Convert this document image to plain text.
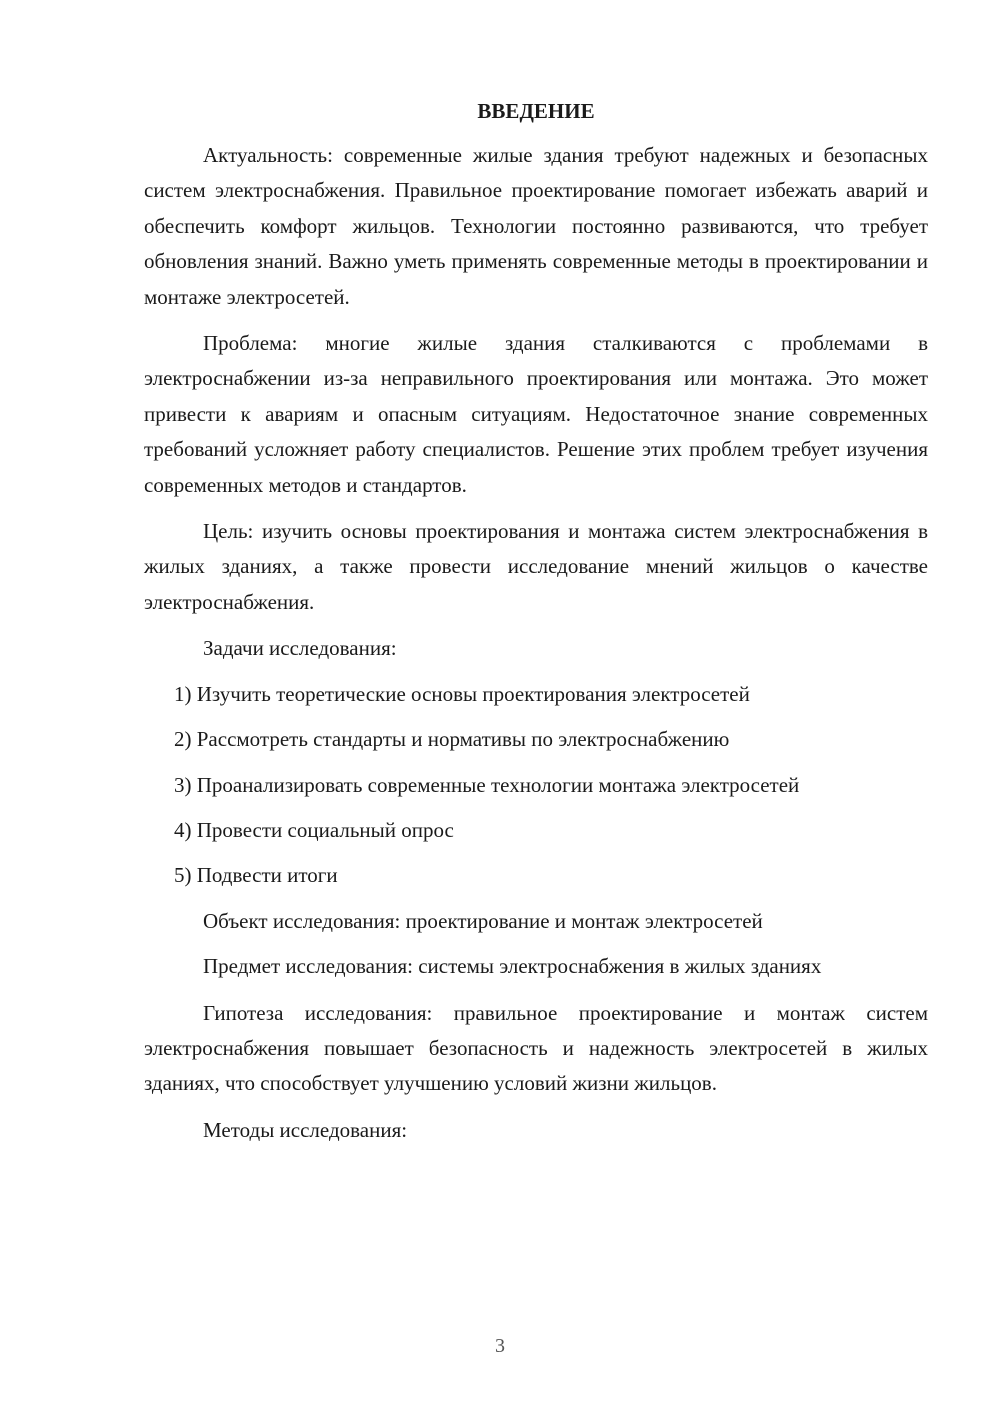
ВВЕДЕНИЕ

Актуальность: современные жилые здания требуют надежных и безопасных систем электроснабжения. Правильное проектирование помогает избежать аварий и обеспечить комфорт жильцов. Технологии постоянно развиваются, что требует обновления знаний. Важно уметь применять современные методы в проектировании и монтаже электросетей.

Проблема: многие жилые здания сталкиваются с проблемами в электроснабжении из-за неправильного проектирования или монтажа. Это может привести к авариям и опасным ситуациям. Недостаточное знание современных требований усложняет работу специалистов. Решение этих проблем требует изучения современных методов и стандартов.

Цель: изучить основы проектирования и монтажа систем электроснабжения в жилых зданиях, а также провести исследование мнений жильцов о качестве электроснабжения.

Задачи исследования:
1) Изучить теоретические основы проектирования электросетей
2) Рассмотреть стандарты и нормативы по электроснабжению
3) Проанализировать современные технологии монтажа электросетей
4) Провести социальный опрос
5) Подвести итоги
Объект исследования: проектирование и монтаж электросетей

Предмет исследования: системы электроснабжения в жилых зданиях

Гипотеза исследования: правильное проектирование и монтаж систем электроснабжения повышает безопасность и надежность электросетей в жилых зданиях, что способствует улучшению условий жизни жильцов.

Методы исследования:
3
